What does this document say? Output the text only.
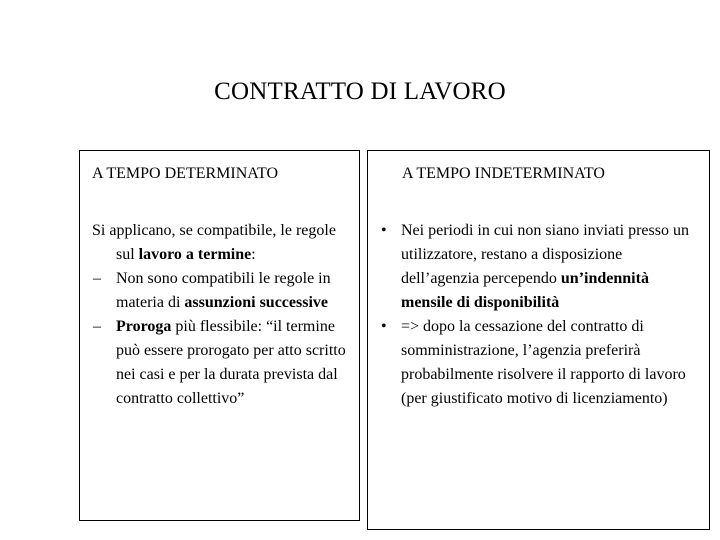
CONTRATTO DI LAVORO
A TEMPO DETERMINATO
Si applicano, se compatibile, le regole sul lavoro a termine:
– Non sono compatibili le regole in materia di assunzioni successive
– Proroga più flessibile: “il termine può essere prorogato per atto scritto nei casi e per la durata prevista dal contratto collettivo”
A TEMPO INDETERMINATO
• Nei periodi in cui non siano inviati presso un utilizzatore, restano a disposizione dell’agenzia percependo un’indennità mensile di disponibilità
• => dopo la cessazione del contratto di somministrazione, l’agenzia preferirà probabilmente risolvere il rapporto di lavoro (per giustificato motivo di licenziamento)
